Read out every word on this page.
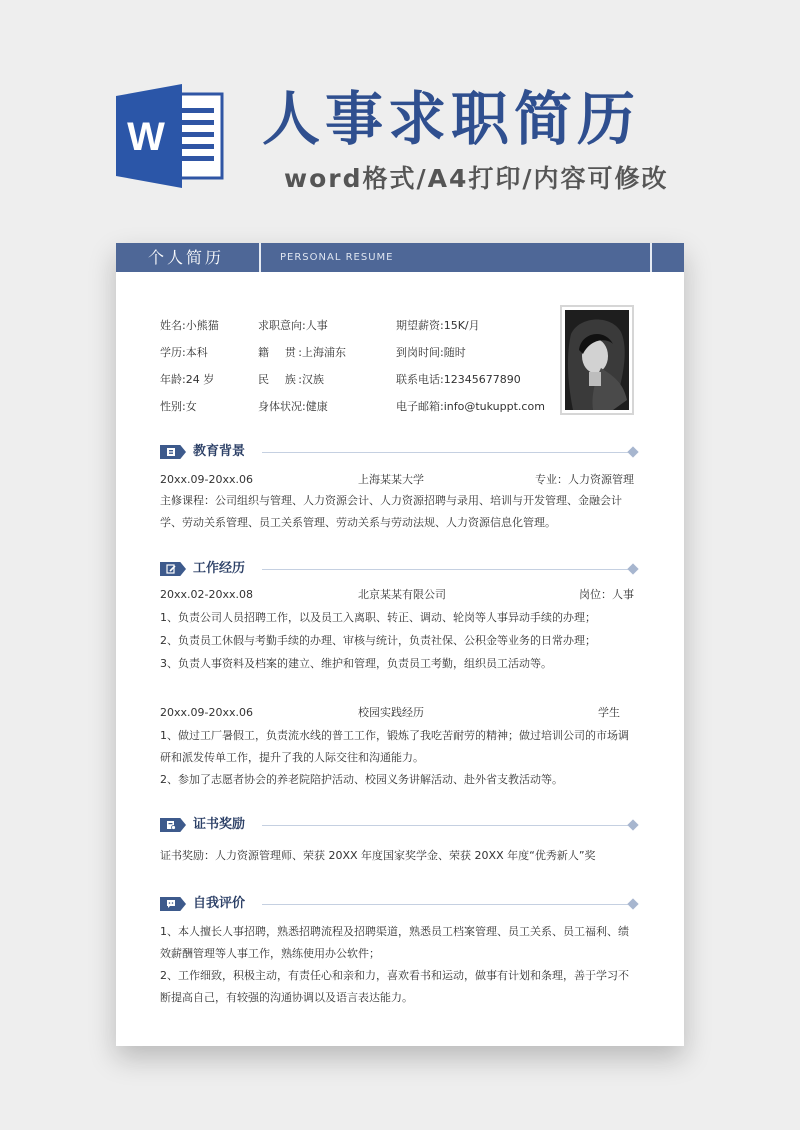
W 人事求职简历
word格式/A4打印/内容可修改
个人简历	PERSONAL RESUME
姓名:小熊猫	求职意向:人事	期望薪资:15K/月
学历:本科	籍　贯:上海浦东	到岗时间:随时
年龄:24 岁	民　族:汉族	联系电话:12345677890
性别:女	身体状况:健康	电子邮箱:info@tukuppt.com
教育背景
20xx.09-20xx.06	上海某某大学	专业：人力资源管理
主修课程：公司组织与管理、人力资源会计、人力资源招聘与录用、培训与开发管理、金融会计学、劳动关系管理、员工关系管理、劳动关系与劳动法规、人力资源信息化管理。
工作经历
20xx.02-20xx.08	北京某某有限公司	岗位：人事
1、负责公司人员招聘工作，以及员工入离职、转正、调动、轮岗等人事异动手续的办理；
2、负责员工休假与考勤手续的办理、审核与统计，负责社保、公积金等业务的日常办理；
3、负责人事资料及档案的建立、维护和管理，负责员工考勤，组织员工活动等。
20xx.09-20xx.06	校园实践经历	学生
1、做过工厂暑假工，负责流水线的普工工作，锻炼了我吃苦耐劳的精神；做过培训公司的市场调研和派发传单工作，提升了我的人际交往和沟通能力。
2、参加了志愿者协会的养老院陪护活动、校园义务讲解活动、赴外省支教活动等。
证书奖励
证书奖励：人力资源管理师、荣获 20XX 年度国家奖学金、荣获 20XX 年度“优秀新人”奖
自我评价
1、本人擅长人事招聘，熟悉招聘流程及招聘渠道，熟悉员工档案管理、员工关系、员工福利、绩效薪酬管理等人事工作，熟练使用办公软件；
2、工作细致，积极主动，有责任心和亲和力，喜欢看书和运动，做事有计划和条理，善于学习不断提高自己，有较强的沟通协调以及语言表达能力。
